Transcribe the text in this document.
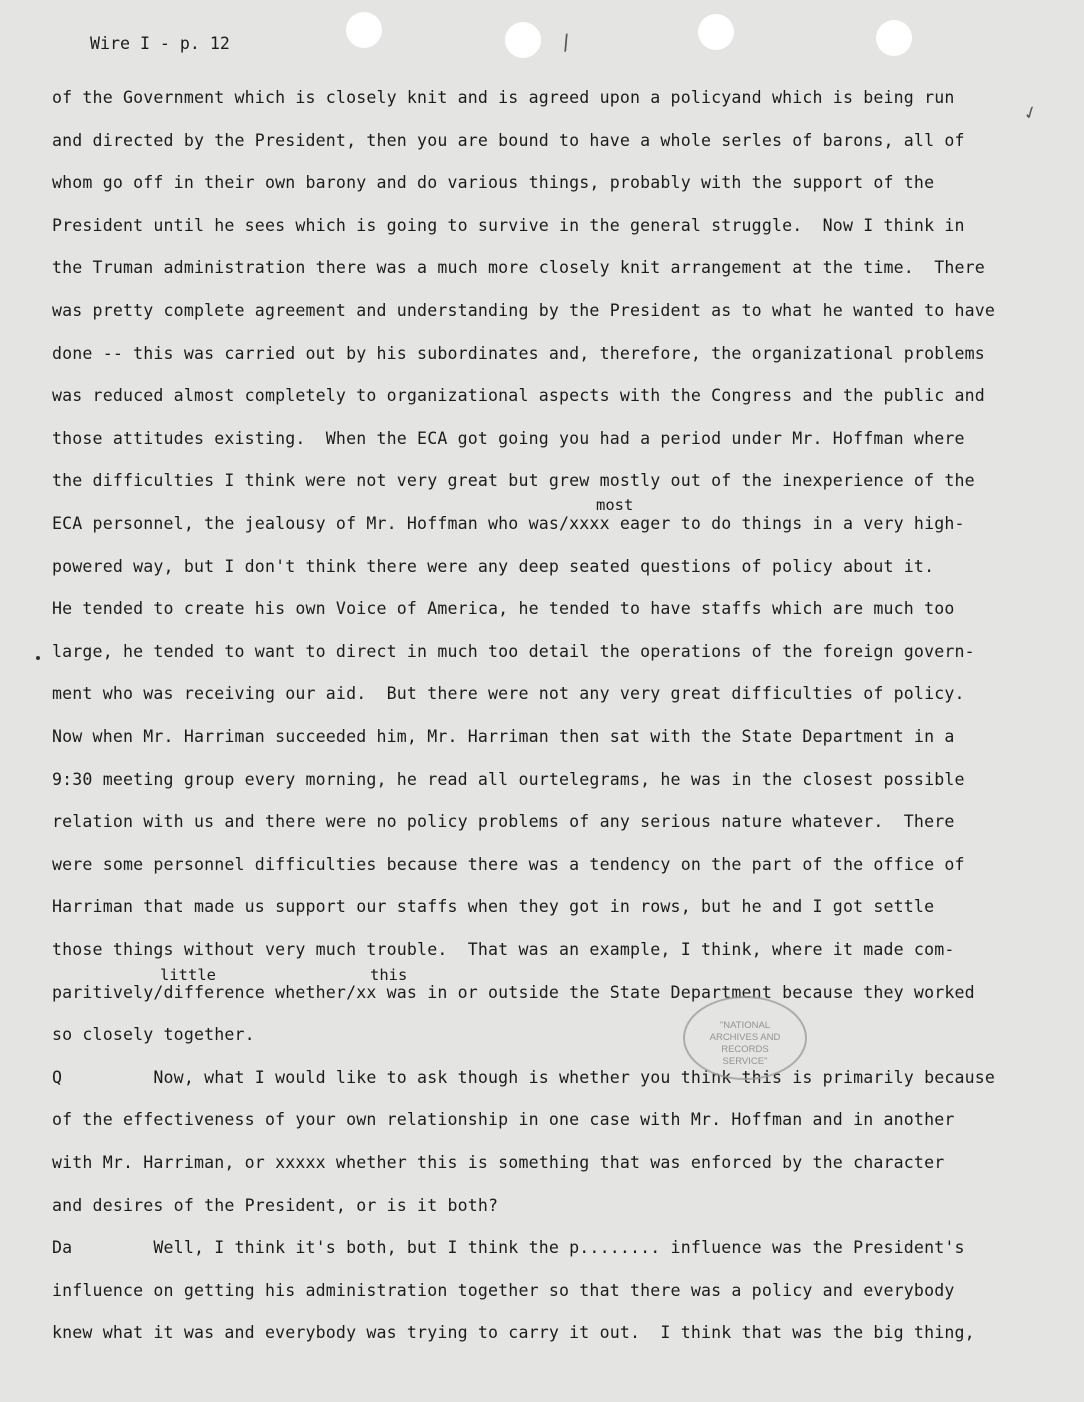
✓
/
Wire I - p. 12
of the Government which is closely knit and is agreed upon a policyand which is being run
and directed by the President, then you are bound to have a whole serles of barons, all of
whom go off in their own barony and do various things, probably with the support of the
President until he sees which is going to survive in the general struggle.  Now I think in
the Truman administration there was a much more closely knit arrangement at the time.  There
was pretty complete agreement and understanding by the President as to what he wanted to have
done -- this was carried out by his subordinates and, therefore, the organizational problems
was reduced almost completely to organizational aspects with the Congress and the public and
those attitudes existing.  When the ECA got going you had a period under Mr. Hoffman where
the difficulties I think were not very great but grew mostly out of the inexperience of the
ECA personnel, the jealousy of Mr. Hoffman who was/xxxx eager to do things in a very high-
powered way, but I don't think there were any deep seated questions of policy about it.
He tended to create his own Voice of America, he tended to have staffs which are much too
large, he tended to want to direct in much too detail the operations of the foreign govern-
ment who was receiving our aid.  But there were not any very great difficulties of policy.
Now when Mr. Harriman succeeded him, Mr. Harriman then sat with the State Department in a
9:30 meeting group every morning, he read all ourtelegrams, he was in the closest possible
relation with us and there were no policy problems of any serious nature whatever.  There
were some personnel difficulties because there was a tendency on the part of the office of
Harriman that made us support our staffs when they got in rows, but he and I got settle
those things without very much trouble.  That was an example, I think, where it made com-
paritively/difference whether/xx was in or outside the State Department because they worked
so closely together.
Q         Now, what I would like to ask though is whether you think this is primarily because
of the effectiveness of your own relationship in one case with Mr. Hoffman and in another
with Mr. Harriman, or xxxxx whether this is something that was enforced by the character
and desires of the President, or is it both?
Da        Well, I think it's both, but I think the p........ influence was the President's
influence on getting his administration together so that there was a policy and everybody
knew what it was and everybody was trying to carry it out.  I think that was the big thing,
most
little	this
"NATIONAL
ARCHIVES AND
RECORDS
SERVICE"
